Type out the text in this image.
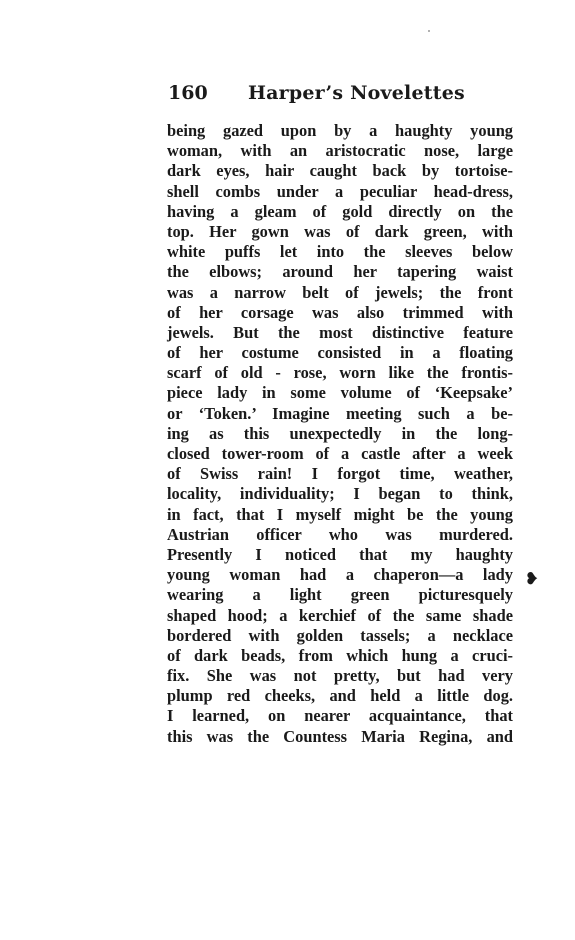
160 Harper’s Novelettes
being gazed upon by a haughty young
woman, with an aristocratic nose, large
dark eyes, hair caught back by tortoise-
shell combs under a peculiar head-dress,
having a gleam of gold directly on the
top. Her gown was of dark green, with
white puffs let into the sleeves below
the elbows; around her tapering waist
was a narrow belt of jewels; the front
of her corsage was also trimmed with
jewels. But the most distinctive feature
of her costume consisted in a floating
scarf of old - rose, worn like the frontis-
piece lady in some volume of ‘Keepsake’
or ‘Token.’ Imagine meeting such a be-
ing as this unexpectedly in the long-
closed tower-room of a castle after a week
of Swiss rain! I forgot time, weather,
locality, individuality; I began to think,
in fact, that I myself might be the young
Austrian officer who was murdered.
Presently I noticed that my haughty
young woman had a chaperon—a lady
wearing a light green picturesquely
shaped hood; a kerchief of the same shade
bordered with golden tassels; a necklace
of dark beads, from which hung a cruci-
fix. She was not pretty, but had very
plump red cheeks, and held a little dog.
I learned, on nearer acquaintance, that
this was the Countess Maria Regina, and
❥
